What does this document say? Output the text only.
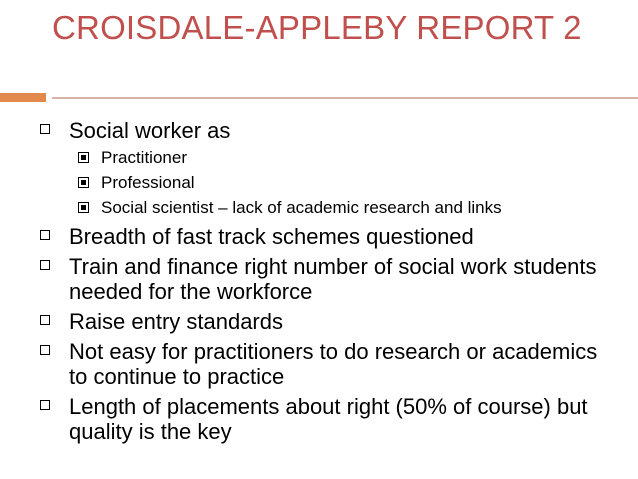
CROISDALE-APPLEBY REPORT 2
Social worker as
Practitioner
Professional
Social scientist – lack of academic research and links
Breadth of fast track schemes questioned
Train and finance right number of social work students needed for the workforce
Raise entry standards
Not easy for practitioners to do research or academics to continue to practice
Length of placements about right (50% of course) but quality is the key
